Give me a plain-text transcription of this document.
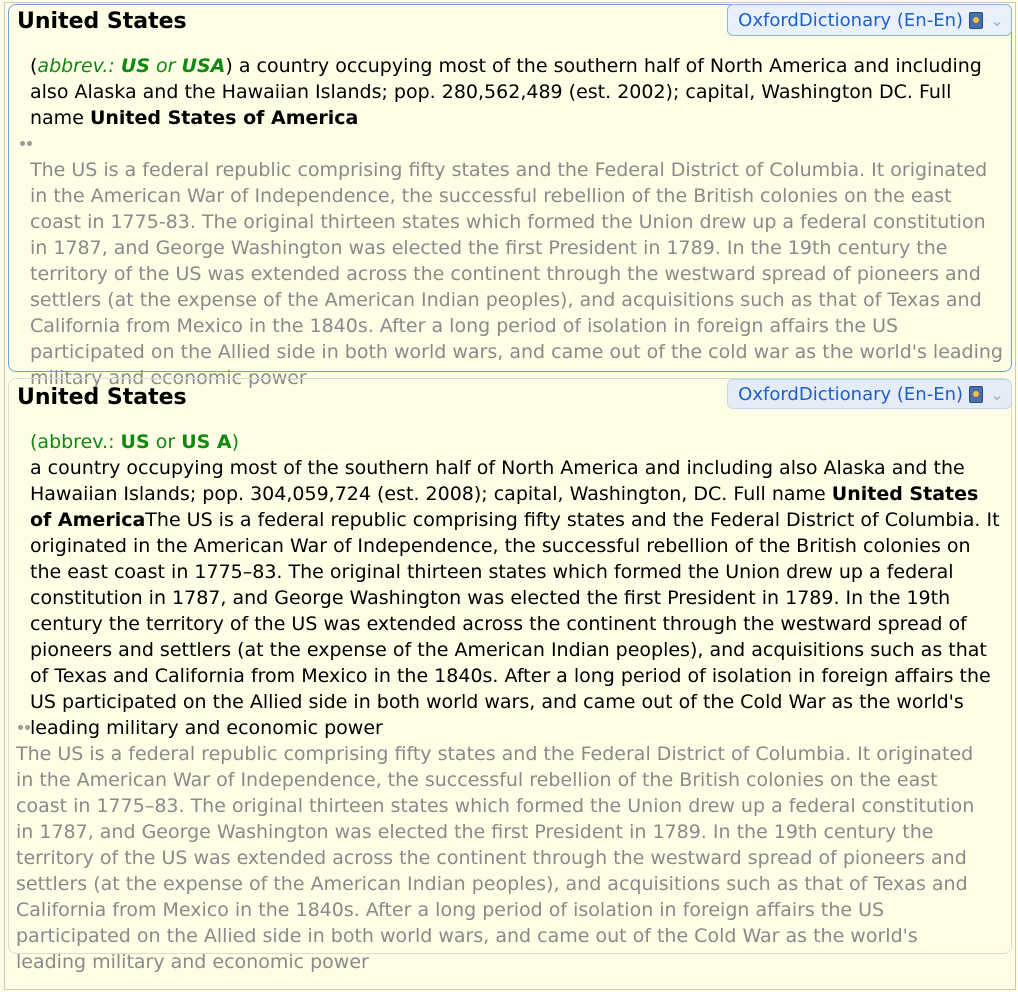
United States	OxfordDictionary (En-En) ⌄

(abbrev.: US or USA) a country occupying most of the southern half of North America and including also Alaska and the Hawaiian Islands; pop. 280,562,489 (est. 2002); capital, Washington DC. Full name United States of America

The US is a federal republic comprising fifty states and the Federal District of Columbia. It originated in the American War of Independence, the successful rebellion of the British colonies on the east coast in 1775-83. The original thirteen states which formed the Union drew up a federal constitution in 1787, and George Washington was elected the first President in 1789. In the 19th century the territory of the US was extended across the continent through the westward spread of pioneers and settlers (at the expense of the American Indian peoples), and acquisitions such as that of Texas and California from Mexico in the 1840s. After a long period of isolation in foreign affairs the US participated on the Allied side in both world wars, and came out of the cold war as the world's leading military and economic power

United States	OxfordDictionary (En-En) ⌄

(abbrev.: US or US A)

a country occupying most of the southern half of North America and including also Alaska and the Hawaiian Islands; pop. 304,059,724 (est. 2008); capital, Washington, DC. Full name United States of AmericaThe US is a federal republic comprising fifty states and the Federal District of Columbia. It originated in the American War of Independence, the successful rebellion of the British colonies on the east coast in 1775–83. The original thirteen states which formed the Union drew up a federal constitution in 1787, and George Washington was elected the first President in 1789. In the 19th century the territory of the US was extended across the continent through the westward spread of pioneers and settlers (at the expense of the American Indian peoples), and acquisitions such as that of Texas and California from Mexico in the 1840s. After a long period of isolation in foreign affairs the US participated on the Allied side in both world wars, and came out of the Cold War as the world's leading military and economic power

The US is a federal republic comprising fifty states and the Federal District of Columbia. It originated in the American War of Independence, the successful rebellion of the British colonies on the east coast in 1775–83. The original thirteen states which formed the Union drew up a federal constitution in 1787, and George Washington was elected the first President in 1789. In the 19th century the territory of the US was extended across the continent through the westward spread of pioneers and settlers (at the expense of the American Indian peoples), and acquisitions such as that of Texas and California from Mexico in the 1840s. After a long period of isolation in foreign affairs the US participated on the Allied side in both world wars, and came out of the Cold War as the world's leading military and economic power
